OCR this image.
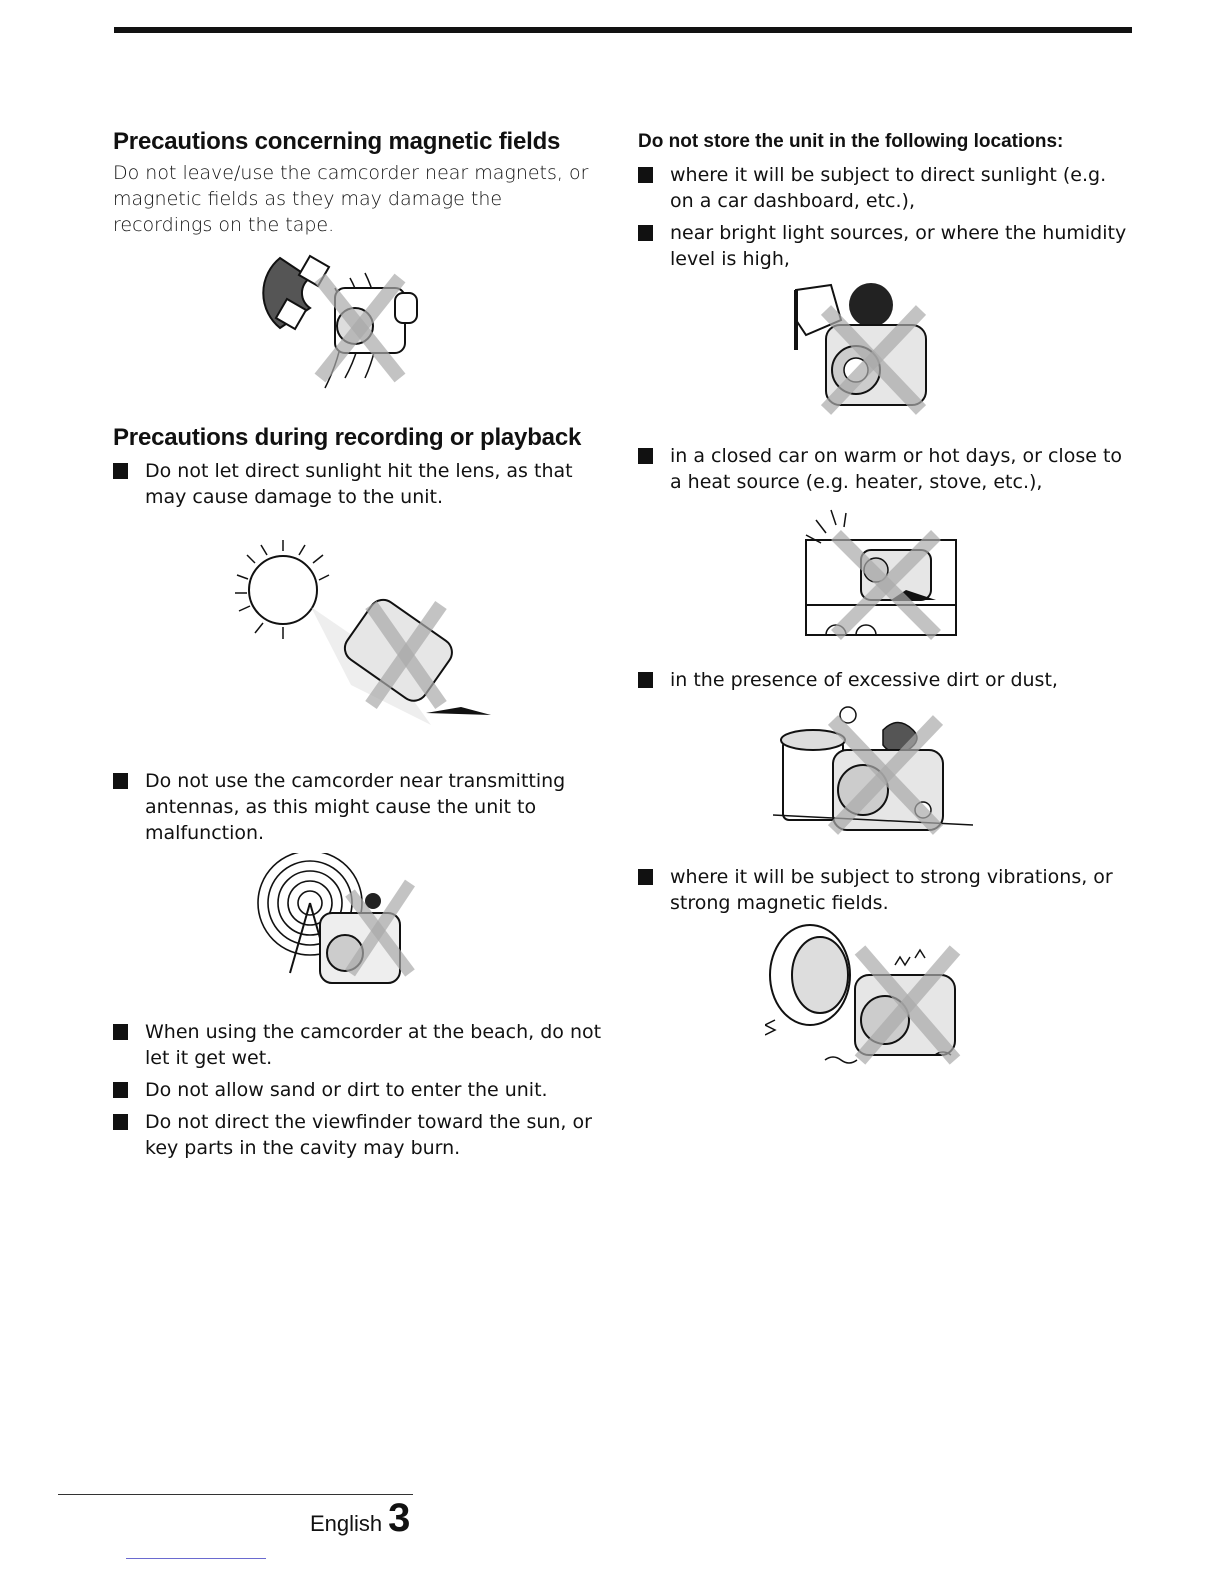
Precautions concerning magnetic fields

Do not leave/use the camcorder near magnets, or magnetic fields as they may damage the recordings on the tape.

Precautions during recording or playback
Do not let direct sunlight hit the lens, as that may cause damage to the unit.
Do not use the camcorder near transmitting antennas, as this might cause the unit to malfunction.
When using the camcorder at the beach, do not let it get wet.
Do not allow sand or dirt to enter the unit.
Do not direct the viewfinder toward the sun, or key parts in the cavity may burn.
Do not store the unit in the following locations:
where it will be subject to direct sunlight (e.g. on a car dashboard, etc.),
near bright light sources, or where the humidity level is high,
in a closed car on warm or hot days, or close to a heat source (e.g. heater, stove, etc.),
in the presence of excessive dirt or dust,
where it will be subject to strong vibrations, or strong magnetic fields.
English 3
